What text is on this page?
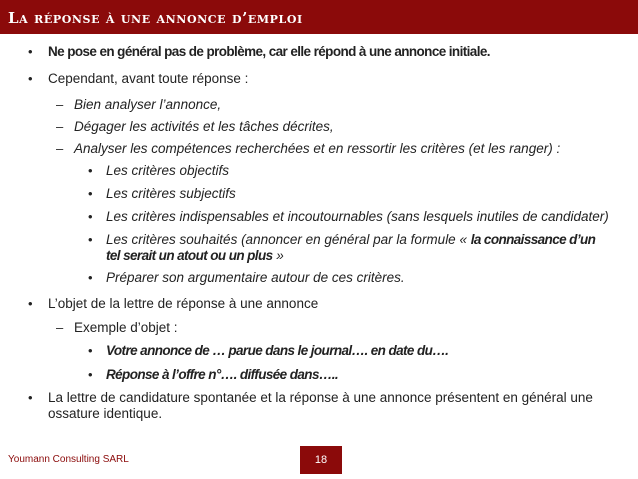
La réponse à une annonce d’emploi
• Ne pose en général pas de problème, car elle répond à une annonce initiale.
• Cependant, avant toute réponse :
– Bien analyser l’annonce,
– Dégager les activités et les tâches décrites,
– Analyser les compétences recherchées et en ressortir les critères (et les ranger) :
• Les critères objectifs
• Les critères subjectifs
• Les critères indispensables et incoutournables (sans lesquels inutiles de candidater)
• Les critères souhaités (annoncer en général par la formule « la connaissance d’un
tel serait un atout ou un plus »
• Préparer son argumentaire autour de ces critères.
• L’objet de la lettre de réponse à une annonce
– Exemple d’objet :
• Votre annonce de … parue dans le journal…. en date du….
• Réponse à l’offre n°…. diffusée dans…..
• La lettre de candidature spontanée et la réponse à une annonce présentent en général une
ossature identique.
Youmann Consulting SARL	18
